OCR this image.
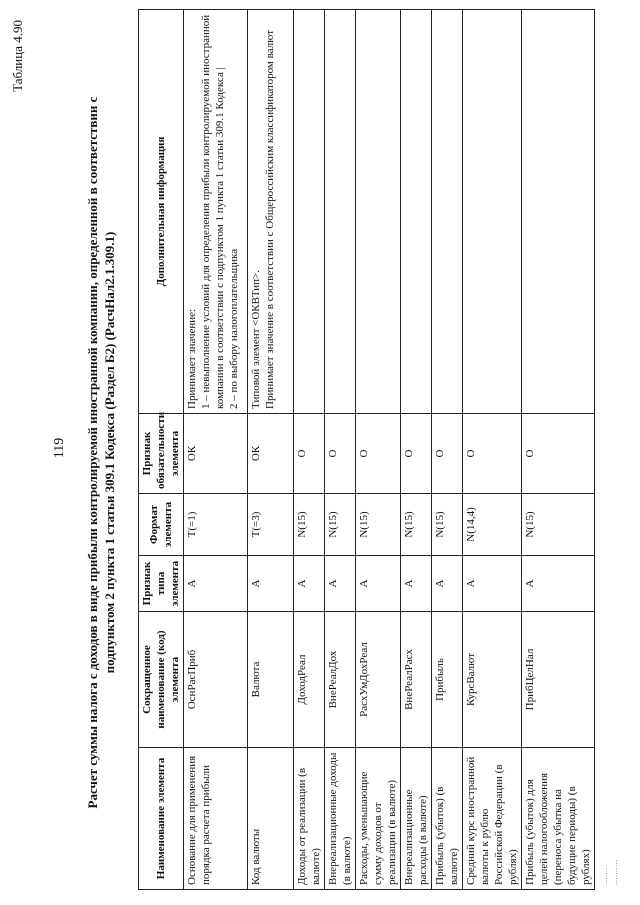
119
Таблица 4.90
Расчет суммы налога с доходов в виде прибыли контролируемой иностранной компании, определенной в соответствии с подпунктом 2 пункта 1 статьи 309.1 Кодекса (Раздел Б2) (РасчНал2.1.309.1)
Наименование элемента	Сокращенное наименование (код) элемента	Признак типа элемента	Формат элемента	Признак обязательности элемента	Дополнительная информация
Основание для применения порядка расчета прибыли	ОснРасПриб	А	T(=1)	ОК	Принимает значение:
1 – невыполнение условий для определения прибыли контролируемой иностранной компании в соответствии с подпунктом 1 пункта 1 статьи 309.1 Кодекса |
2 – по выбору налогоплательщика
Код валюты	Валюта	А	T(=3)	ОК	Типовой элемент <ОКВТип>.
Принимает значение в соответствии с Общероссийским классификатором валют
Доходы от реализации (в валюте)	ДоходРеал	А	N(15)	О	
Внереализационные доходы (в валюте)	ВнеРеалДох	А	N(15)	О	
Расходы, уменьшающие сумму доходов от реализации (в валюте)	РасхУмДохРеал	А	N(15)	О	
Внереализационные расходы (в валюте)	ВнеРеалРасх	А	N(15)	О	
Прибыль (убыток) (в валюте)	Прибыль	А	N(15)	О	
Средний курс иностранной валюты к рублю Российской Федерации (в рублях)	КурсВалют	А	N(14,4)	О	
Прибыль (убыток) для целей налогообложения (переноса убытка на будущие периоды) (в рублях)	ПрибЦелНал	А	N(15)	О	
........
..........
